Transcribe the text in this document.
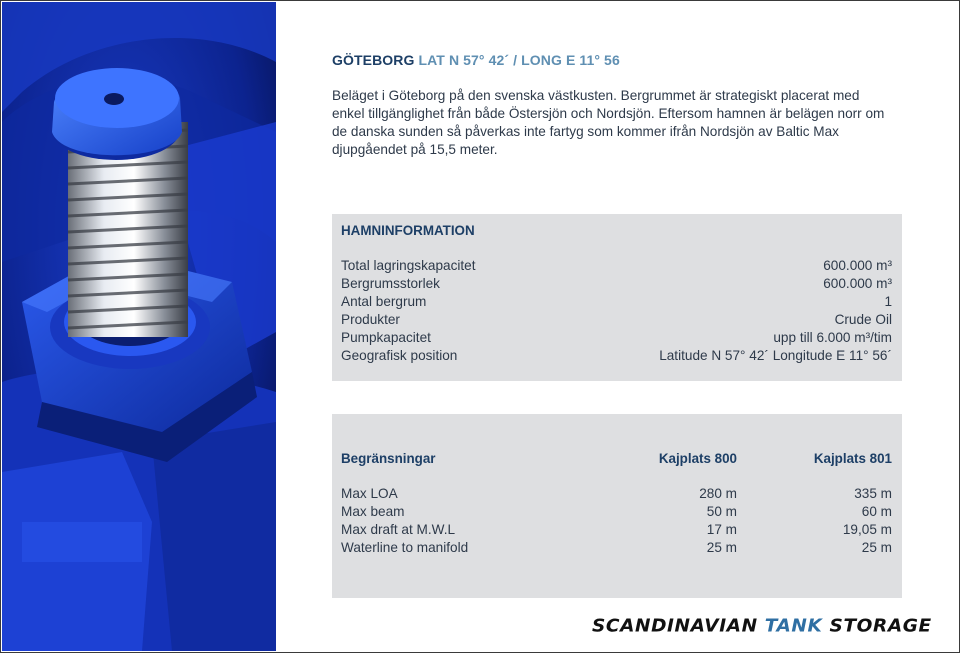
GÖTEBORG LAT N 57° 42´ / LONG E 11° 56

Beläget i Göteborg på den svenska västkusten. Bergrummet är strategiskt placerat med enkel tillgänglighet från både Östersjön och Nordsjön. Eftersom hamnen är belägen norr om de danska sunden så påverkas inte fartyg som kommer ifrån Nordsjön av Baltic Max djupgåendet på 15,5 meter.

HAMNINFORMATION
Total lagringskapacitet	600.000 m³
Bergrumsstorlek	600.000 m³
Antal bergrum	1
Produkter	Crude Oil
Pumpkapacitet	upp till 6.000 m³/tim
Geografisk position	Latitude N 57° 42´ Longitude E 11° 56´
Begränsningar	Kajplats 800	Kajplats 801
Max LOA	280 m	335 m
Max beam	50 m	60 m
Max draft at M.W.L	17 m	19,05 m
Waterline to manifold	25 m	25 m
SCANDINAVIAN TANK STORAGE
